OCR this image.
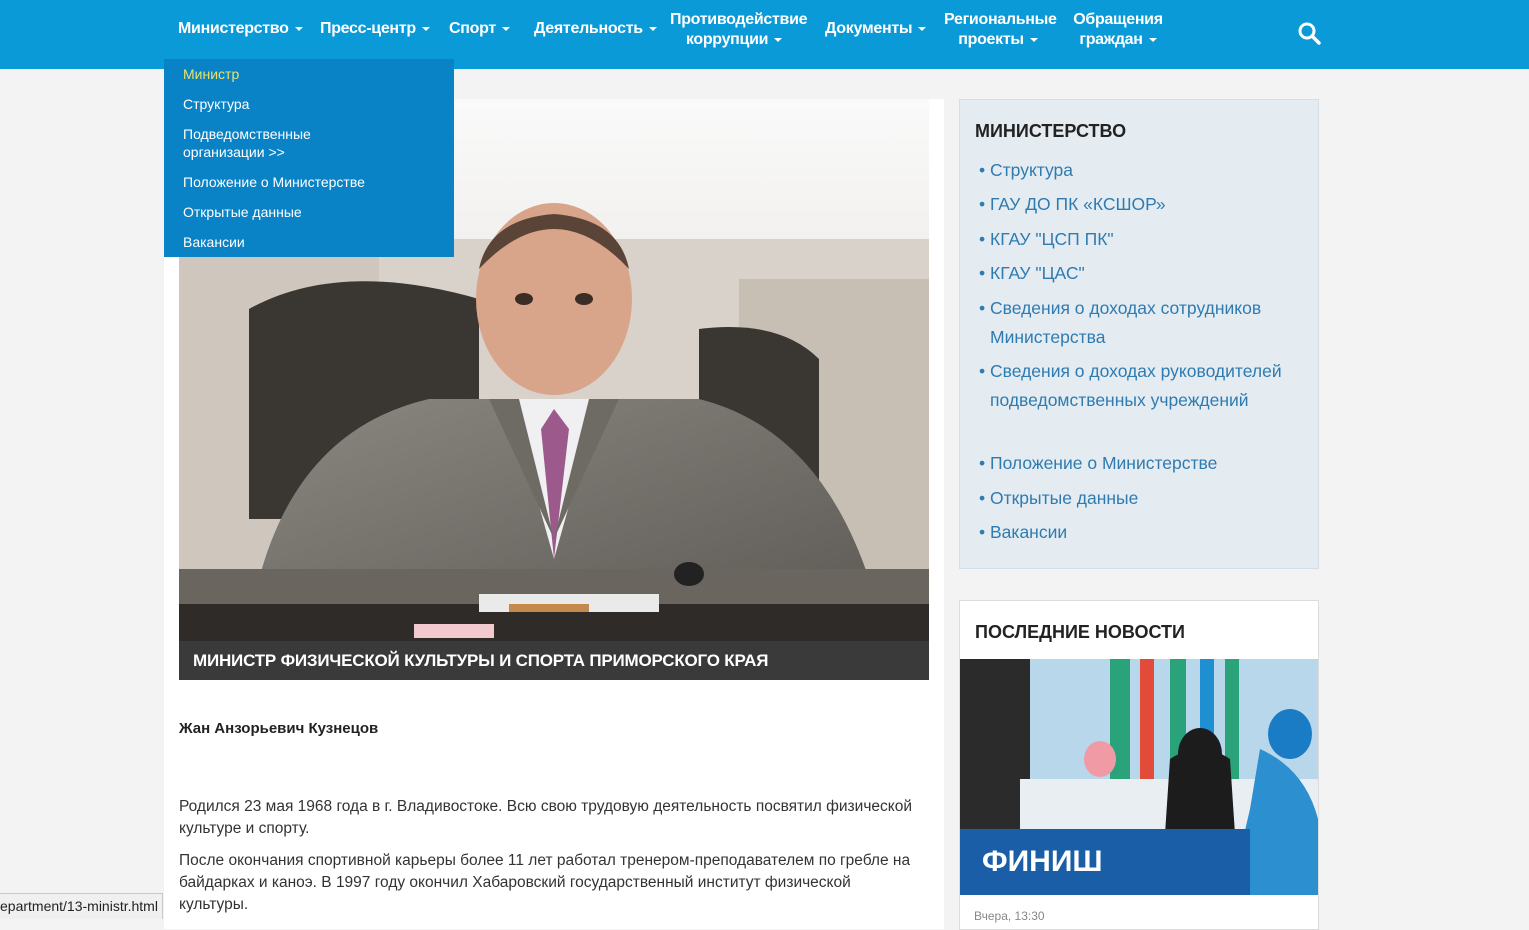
Министерство	Пресс-центр	Спорт	Деятельность
Противодействие
коррупции
Документы
Региональные
проекты
Обращения
граждан
МИНИСТР ФИЗИЧЕСКОЙ КУЛЬТУРЫ И СПОРТА ПРИМОРСКОГО КРАЯ
Жан Анзорьевич Кузнецов
Родился 23 мая 1968 года в г. Владивостоке. Всю свою трудовую деятельность посвятил физической культуре и спорту.
После окончания спортивной карьеры более 11 лет работал тренером-преподавателем по гребле на байдарках и каноэ. В 1997 году окончил Хабаровский государственный институт физической культуры.
Министр
Структура
Подведомственные организации >>
Положение о Министерстве
Открытые данные
Вакансии
МИНИСТЕРСТВО
• Структура
• ГАУ ДО ПК «КСШОР»
• КГАУ "ЦСП ПК"
• КГАУ "ЦАС"
• Сведения о доходах сотрудников Министерства
• Сведения о доходах руководителей подведомственных учреждений
• Положение о Министерстве
• Открытые данные
• Вакансии
ПОСЛЕДНИЕ НОВОСТИ
ФИНИШ
Вчера, 13:30
epartment/13-ministr.html
